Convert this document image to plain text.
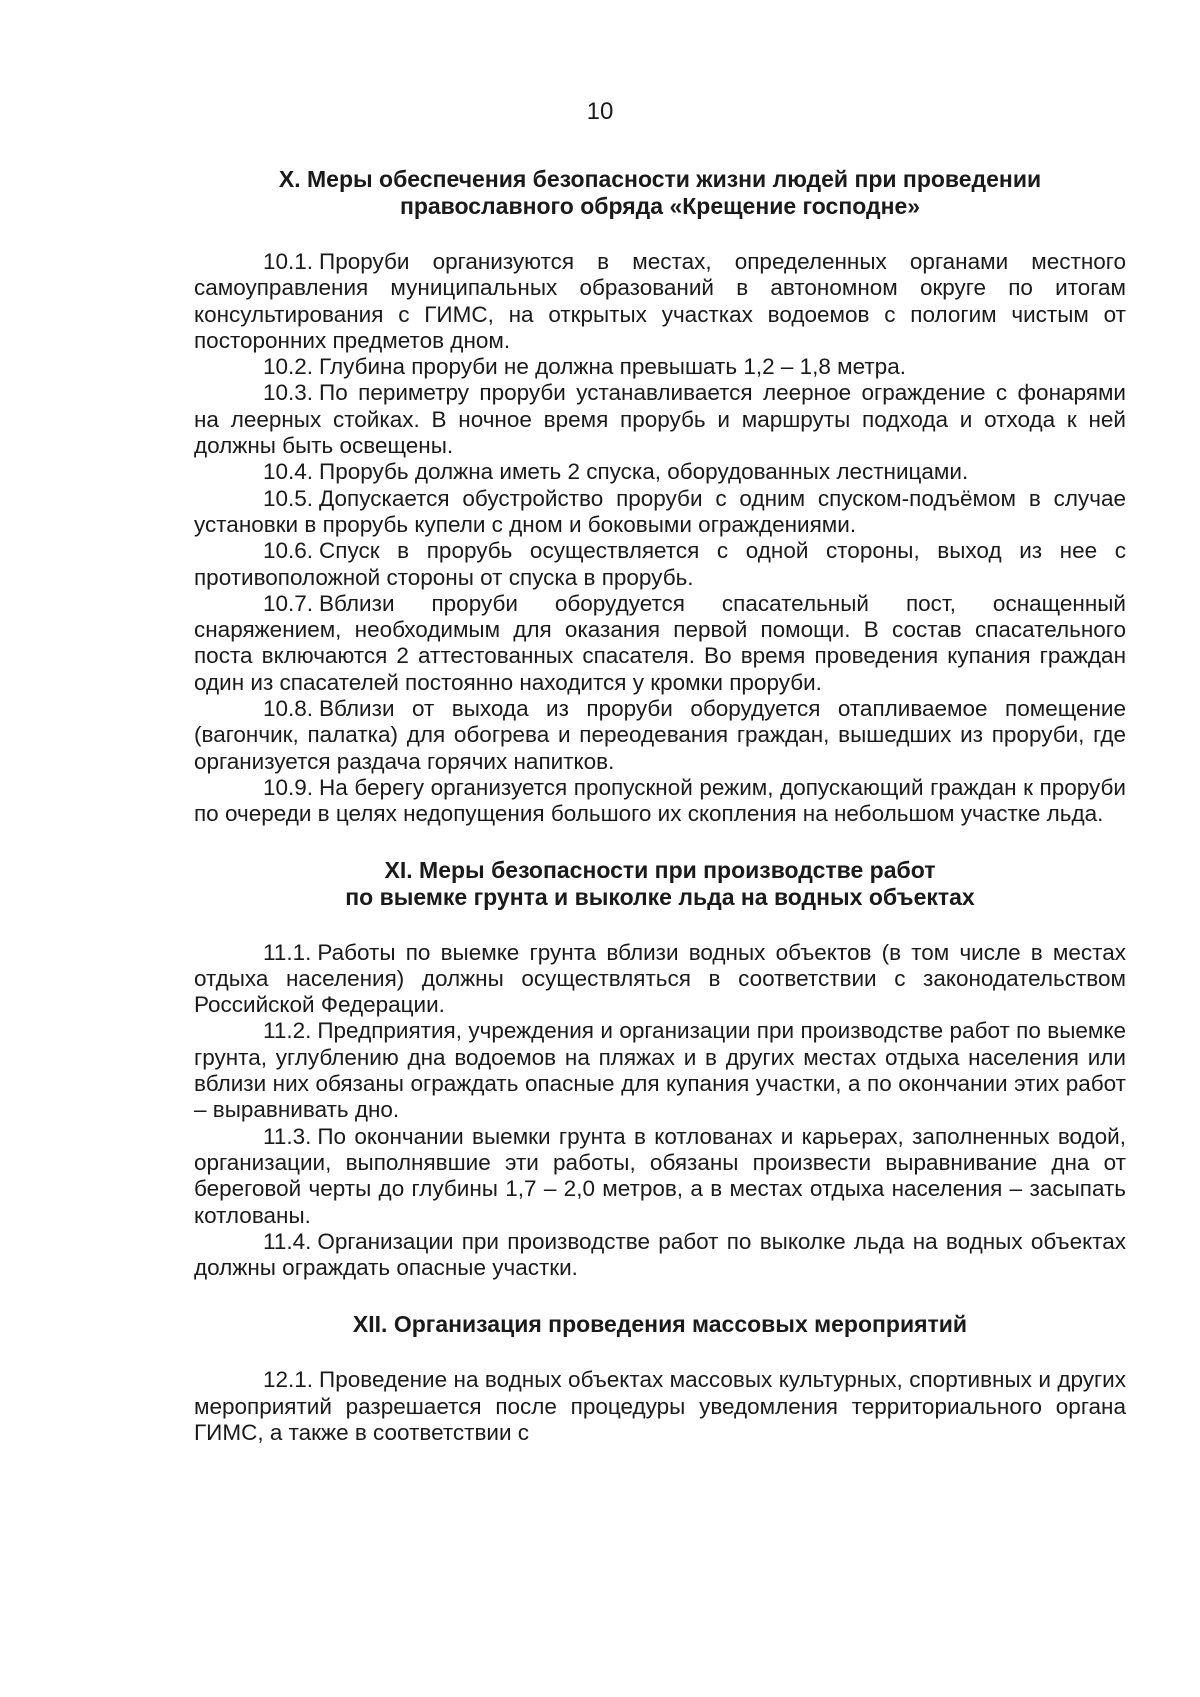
10
X. Меры обеспечения безопасности жизни людей при проведении
православного обряда «Крещение господне»

10.1. Проруби организуются в местах, определенных органами местного самоуправления муниципальных образований в автономном округе по итогам консультирования с ГИМС, на открытых участках водоемов с пологим чистым от посторонних предметов дном.

10.2. Глубина проруби не должна превышать 1,2 – 1,8 метра.

10.3. По периметру проруби устанавливается леерное ограждение с фонарями на леерных стойках. В ночное время прорубь и маршруты подхода и отхода к ней должны быть освещены.

10.4. Прорубь должна иметь 2 спуска, оборудованных лестницами.

10.5. Допускается обустройство проруби с одним спуском-подъёмом в случае установки в прорубь купели с дном и боковыми ограждениями.

10.6. Спуск в прорубь осуществляется с одной стороны, выход из нее с противоположной стороны от спуска в прорубь.

10.7. Вблизи проруби оборудуется спасательный пост, оснащенный снаряжением, необходимым для оказания первой помощи. В состав спасательного поста включаются 2 аттестованных спасателя. Во время проведения купания граждан один из спасателей постоянно находится у кромки проруби.

10.8. Вблизи от выхода из проруби оборудуется отапливаемое помещение (вагончик, палатка) для обогрева и переодевания граждан, вышедших из проруби, где организуется раздача горячих напитков.

10.9. На берегу организуется пропускной режим, допускающий граждан к проруби по очереди в целях недопущения большого их скопления на небольшом участке льда.

XI. Меры безопасности при производстве работ
по выемке грунта и выколке льда на водных объектах

11.1. Работы по выемке грунта вблизи водных объектов (в том числе в местах отдыха населения) должны осуществляться в соответствии с законодательством Российской Федерации.

11.2. Предприятия, учреждения и организации при производстве работ по выемке грунта, углублению дна водоемов на пляжах и в других местах отдыха населения или вблизи них обязаны ограждать опасные для купания участки, а по окончании этих работ – выравнивать дно.

11.3. По окончании выемки грунта в котлованах и карьерах, заполненных водой, организации, выполнявшие эти работы, обязаны произвести выравнивание дна от береговой черты до глубины 1,7 – 2,0 метров, а в местах отдыха населения – засыпать котлованы.

11.4. Организации при производстве работ по выколке льда на водных объектах должны ограждать опасные участки.

XII. Организация проведения массовых мероприятий

12.1. Проведение на водных объектах массовых культурных, спортивных и других мероприятий разрешается после процедуры уведомления территориального органа ГИМС, а также в соответствии с
